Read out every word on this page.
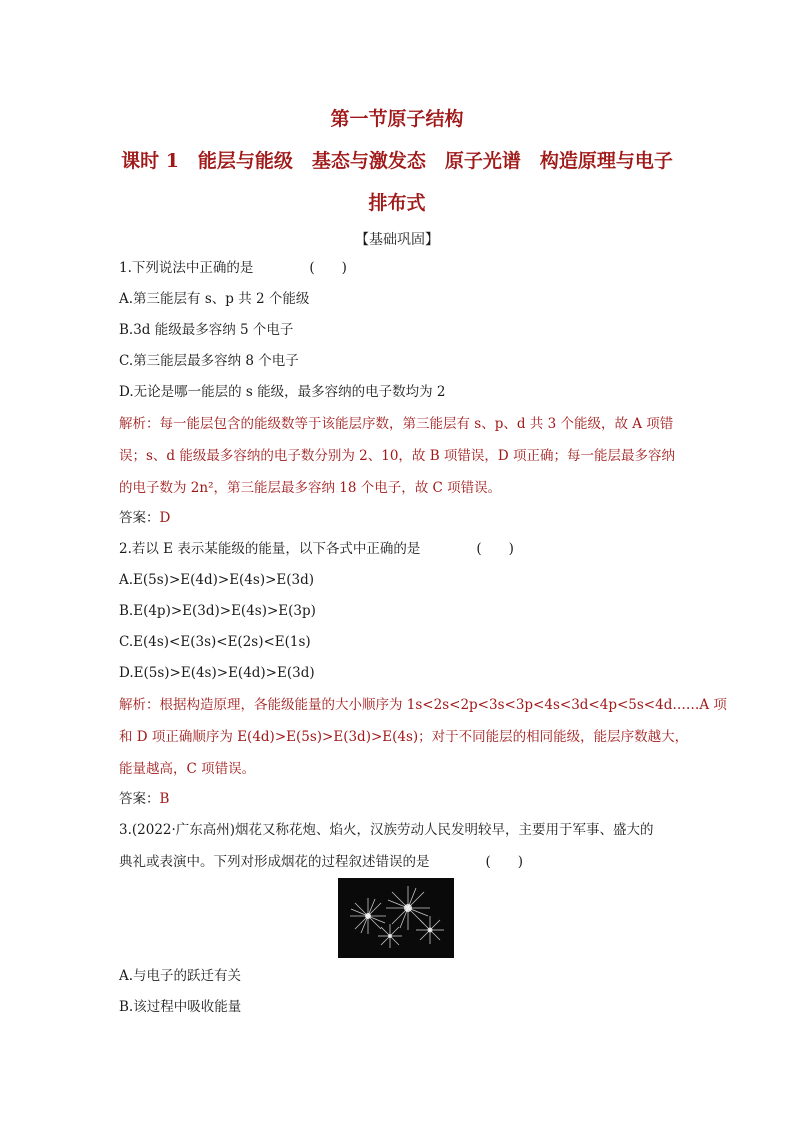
第一节原子结构
课时 1　能层与能级　基态与激发态　原子光谱　构造原理与电子
排布式
【基础巩固】
1.下列说法中正确的是	(　　)
A.第三能层有 s、p 共 2 个能级
B.3d 能级最多容纳 5 个电子
C.第三能层最多容纳 8 个电子
D.无论是哪一能层的 s 能级，最多容纳的电子数均为 2
解析：每一能层包含的能级数等于该能层序数，第三能层有 s、p、d 共 3 个能级，故 A 项错
误；s、d 能级最多容纳的电子数分别为 2、10，故 B 项错误，D 项正确；每一能层最多容纳
的电子数为 2n²，第三能层最多容纳 18 个电子，故 C 项错误。
答案：D
2.若以 E 表示某能级的能量，以下各式中正确的是	(　　)
A.E(5s)>E(4d)>E(4s)>E(3d)
B.E(4p)>E(3d)>E(4s)>E(3p)
C.E(4s)<E(3s)<E(2s)<E(1s)
D.E(5s)>E(4s)>E(4d)>E(3d)
解析：根据构造原理，各能级能量的大小顺序为 1s<2s<2p<3s<3p<4s<3d<4p<5s<4d……A 项
和 D 项正确顺序为 E(4d)>E(5s)>E(3d)>E(4s)；对于不同能层的相同能级，能层序数越大，
能量越高，C 项错误。
答案：B
3.(2022·广东高州)烟花又称花炮、焰火，汉族劳动人民发明较早，主要用于军事、盛大的
典礼或表演中。下列对形成烟花的过程叙述错误的是	(　　)
A.与电子的跃迁有关
B.该过程中吸收能量
